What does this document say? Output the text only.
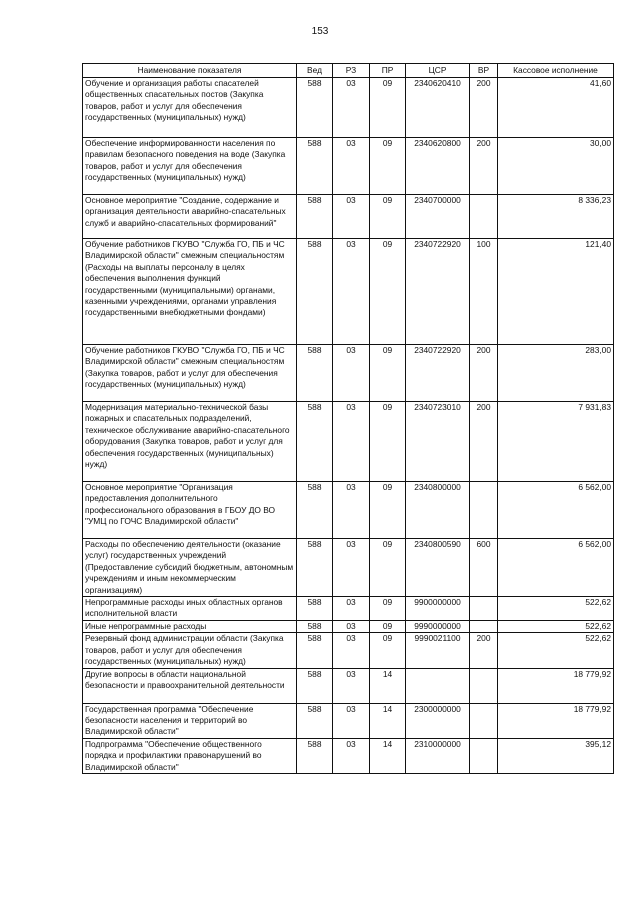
153
Наименование показателя	Вед	РЗ	ПР	ЦСР	ВР	Кассовое исполнение
Обучение и организация работы спасателей общественных спасательных постов (Закупка товаров, работ и услуг для обеспечения государственных (муниципальных) нужд)	588	03	09	2340620410	200	41,60
Обеспечение информированности населения по правилам безопасного поведения на воде (Закупка товаров, работ и услуг для обеспечения государственных (муниципальных) нужд)	588	03	09	2340620800	200	30,00
Основное мероприятие "Создание, содержание и организация деятельности аварийно-спасательных служб и аварийно-спасательных формирований"	588	03	09	2340700000		8 336,23
Обучение работников ГКУВО "Служба ГО, ПБ и ЧС Владимирской области" смежным специальностям (Расходы на выплаты персоналу в целях обеспечения выполнения функций государственными (муниципальными) органами, казенными учреждениями, органами управления государственными внебюджетными фондами)	588	03	09	2340722920	100	121,40
Обучение работников ГКУВО "Служба ГО, ПБ и ЧС Владимирской области" смежным специальностям (Закупка товаров, работ и услуг для обеспечения государственных (муниципальных) нужд)	588	03	09	2340722920	200	283,00
Модернизация материально-технической базы пожарных и спасательных подразделений, техническое обслуживание аварийно-спасательного оборудования (Закупка товаров, работ и услуг для обеспечения государственных (муниципальных) нужд)	588	03	09	2340723010	200	7 931,83
Основное мероприятие "Организация предоставления дополнительного профессионального образования в ГБОУ ДО ВО "УМЦ по ГОЧС Владимирской области"	588	03	09	2340800000		6 562,00
Расходы по обеспечению деятельности (оказание услуг) государственных учреждений (Предоставление субсидий бюджетным, автономным учреждениям и иным некоммерческим организациям)	588	03	09	2340800590	600	6 562,00
Непрограммные расходы иных областных органов исполнительной власти	588	03	09	9900000000		522,62
Иные непрограммные расходы	588	03	09	9990000000		522,62
Резервный фонд администрации области (Закупка товаров, работ и услуг для обеспечения государственных (муниципальных) нужд)	588	03	09	9990021100	200	522,62
Другие вопросы в области национальной безопасности и правоохранительной деятельности	588	03	14			18 779,92
Государственная программа "Обеспечение безопасности населения и территорий во Владимирской области"	588	03	14	2300000000		18 779,92
Подпрограмма "Обеспечение общественного порядка и профилактики правонарушений во Владимирской области"	588	03	14	2310000000		395,12
